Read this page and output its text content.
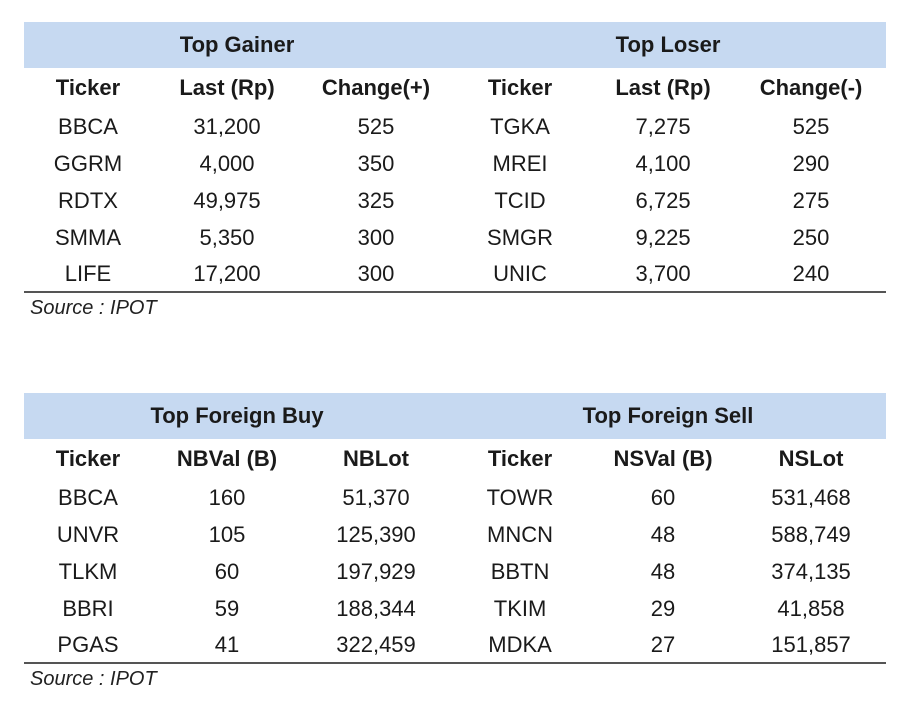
Top Gainer			Top Loser		
Ticker	Last (Rp)	Change(+)	Ticker	Last (Rp)	Change(-)
BBCA	31,200	525	TGKA	7,275	525
GGRM	4,000	350	MREI	4,100	290
RDTX	49,975	325	TCID	6,725	275
SMMA	5,350	300	SMGR	9,225	250
LIFE	17,200	300	UNIC	3,700	240
Source : IPOT
Top Foreign Buy			Top Foreign Sell		
Ticker	NBVal (B)	NBLot	Ticker	NSVal (B)	NSLot
BBCA	160	51,370	TOWR	60	531,468
UNVR	105	125,390	MNCN	48	588,749
TLKM	60	197,929	BBTN	48	374,135
BBRI	59	188,344	TKIM	29	41,858
PGAS	41	322,459	MDKA	27	151,857
Source : IPOT
